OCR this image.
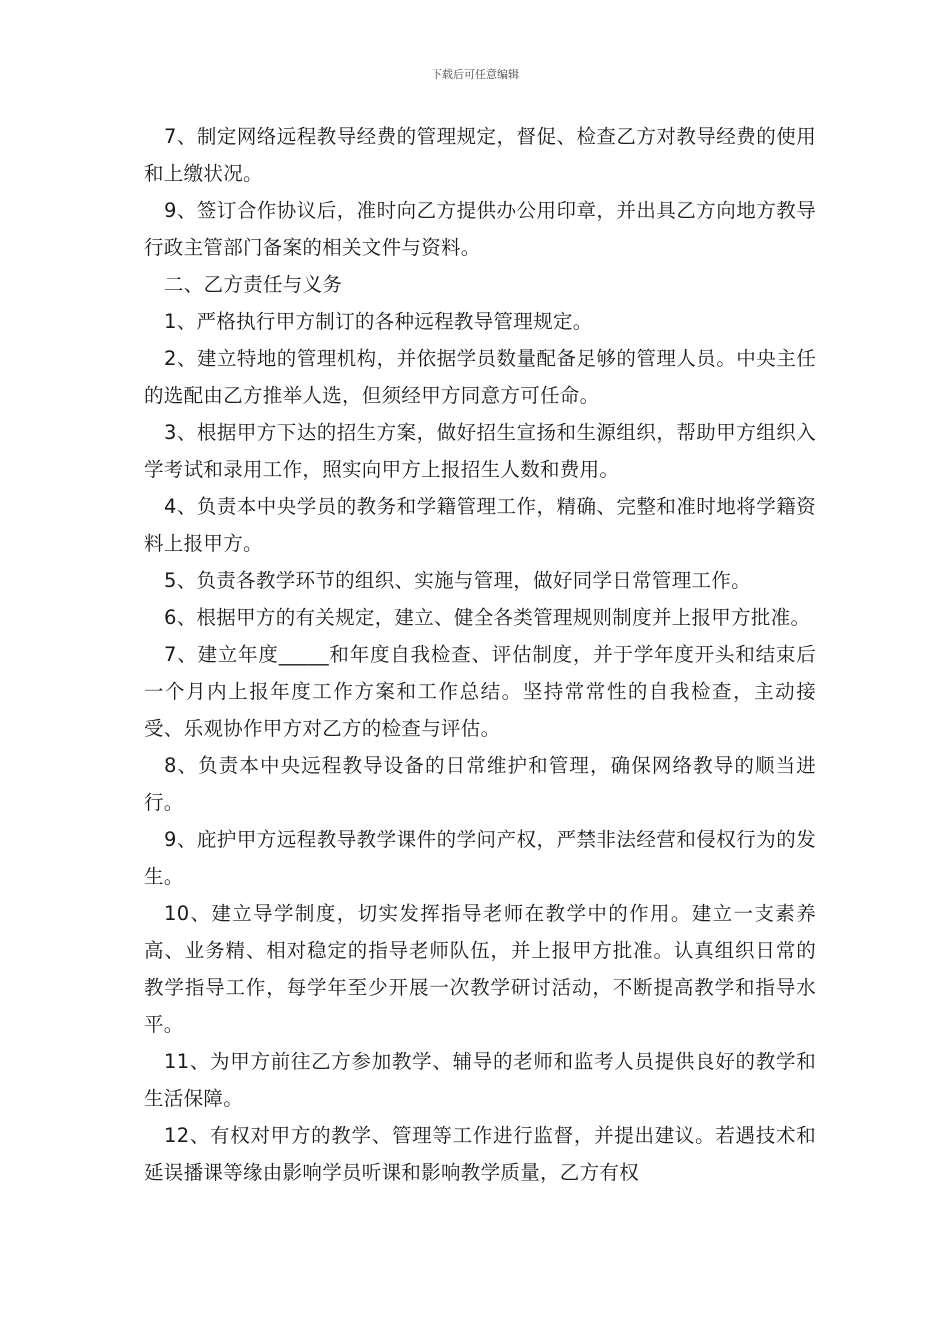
下载后可任意编辑

7、制定网络远程教导经费的管理规定，督促、检查乙方对教导经费的使用和上缴状况。

9、签订合作协议后，准时向乙方提供办公用印章，并出具乙方向地方教导行政主管部门备案的相关文件与资料。

二、乙方责任与义务

1、严格执行甲方制订的各种远程教导管理规定。

2、建立特地的管理机构，并依据学员数量配备足够的管理人员。中央主任的选配由乙方推举人选，但须经甲方同意方可任命。

3、根据甲方下达的招生方案，做好招生宣扬和生源组织，帮助甲方组织入学考试和录用工作，照实向甲方上报招生人数和费用。

4、负责本中央学员的教务和学籍管理工作，精确、完整和准时地将学籍资料上报甲方。

5、负责各教学环节的组织、实施与管理，做好同学日常管理工作。

6、根据甲方的有关规定，建立、健全各类管理规则制度并上报甲方批准。

7、建立年度_____和年度自我检查、评估制度，并于学年度开头和结束后一个月内上报年度工作方案和工作总结。坚持常常性的自我检查，主动接受、乐观协作甲方对乙方的检查与评估。

8、负责本中央远程教导设备的日常维护和管理，确保网络教导的顺当进行。

9、庇护甲方远程教导教学课件的学问产权，严禁非法经营和侵权行为的发生。

10、建立导学制度，切实发挥指导老师在教学中的作用。建立一支素养高、业务精、相对稳定的指导老师队伍，并上报甲方批准。认真组织日常的教学指导工作，每学年至少开展一次教学研讨活动，不断提高教学和指导水平。

11、为甲方前往乙方参加教学、辅导的老师和监考人员提供良好的教学和生活保障。

12、有权对甲方的教学、管理等工作进行监督，并提出建议。若遇技术和延误播课等缘由影响学员听课和影响教学质量，乙方有权
